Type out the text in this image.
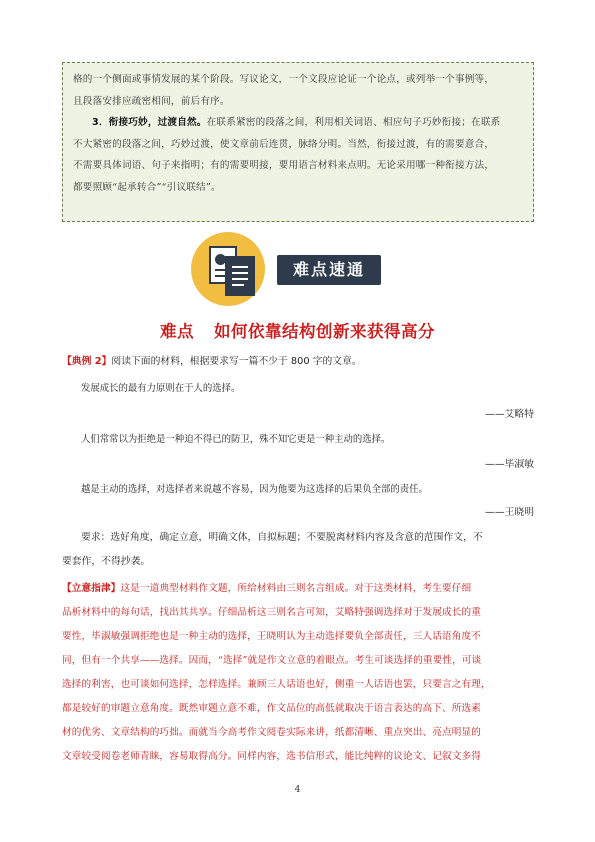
格的一个侧面或事情发展的某个阶段。写议论文，一个文段应论证一个论点，或列举一个事例等，
且段落安排应疏密相间，前后有序。
3．衔接巧妙，过渡自然。在联系紧密的段落之间，利用相关词语、相应句子巧妙衔接；在联系
不大紧密的段落之间，巧妙过渡，使文章前后连贯，脉络分明。当然，衔接过渡，有的需要意合，
不需要具体词语、句子来指明；有的需要明接，要用语言材料来点明。无论采用哪一种衔接方法，
都要照顾“起承转合”“引议联结”。
难点速通
难点 如何依靠结构创新来获得高分
【典例 2】阅读下面的材料，根据要求写一篇不少于 800 字的文章。
发展成长的最有力原则在于人的选择。
——艾略特
人们常常以为拒绝是一种迫不得已的防卫，殊不知它更是一种主动的选择。
——毕淑敏
越是主动的选择，对选择者来说越不容易，因为他要为这选择的后果负全部的责任。
——王晓明
要求：选好角度，确定立意，明确文体，自拟标题；不要脱离材料内容及含意的范围作文，不
要套作，不得抄袭。
【立意指津】这是一道典型材料作文题，所给材料由三则名言组成。对于这类材料，考生要仔细
品析材料中的每句话，找出其共享。仔细品析这三则名言可知，艾略特强调选择对于发展成长的重
要性，毕淑敏强调拒绝也是一种主动的选择，王晓明认为主动选择要负全部责任，三人话语角度不
同，但有一个共享——选择。因而，“选择”就是作文立意的着眼点。考生可谈选择的重要性，可谈
选择的利害，也可谈如何选择，怎样选择。兼顾三人话语也好，侧重一人话语也罢，只要言之有理，
都是较好的审题立意角度。既然审题立意不难，作文品位的高低就取决于语言表达的高下、所选素
材的优劣、文章结构的巧拙。而就当今高考作文阅卷实际来讲，纸都清晰、重点突出、亮点明显的
文章较受阅卷老师青睐，容易取得高分。同样内容，选书信形式，能比纯粹的议论文、记叙文多得
4
